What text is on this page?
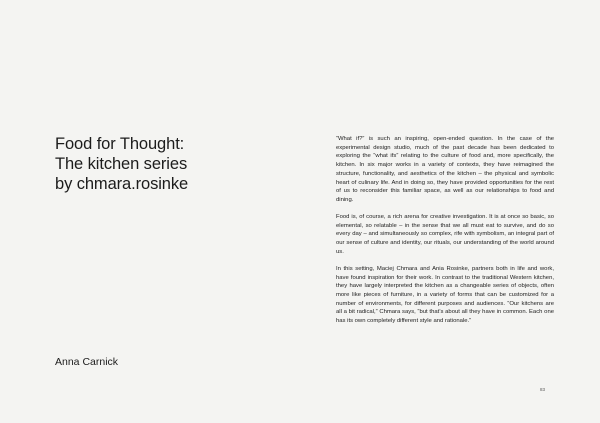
Food for Thought:
The kitchen series
by chmara.rosinke
Anna Carnick

“What if?” is such an inspiring, open-ended question. In the case of the experimental design studio, much of the past decade has been dedicated to exploring the “what ifs” relating to the culture of food and, more specifically, the kitchen. In six major works in a variety of contexts, they have reimagined the structure, functionality, and aesthetics of the kitchen – the physical and symbolic heart of culinary life. And in doing so, they have provided opportunities for the rest of us to reconsider this familiar space, as well as our relationships to food and dining.

Food is, of course, a rich arena for creative investigation. It is at once so basic, so elemental, so relatable – in the sense that we all must eat to survive, and do so every day – and simultaneously so complex, rife with symbolism, an integral part of our sense of culture and identity, our rituals, our understanding of the world around us.

In this setting, Maciej Chmara and Ania Rosinke, partners both in life and work, have found inspiration for their work. In contrast to the traditional Western kitchen, they have largely interpreted the kitchen as a changeable series of objects, often more like pieces of furniture, in a variety of forms that can be customized for a number of environments, for different purposes and audiences. “Our kitchens are all a bit radical,” Chmara says, “but that’s about all they have in common. Each one has its own completely different style and rationale.”

83
